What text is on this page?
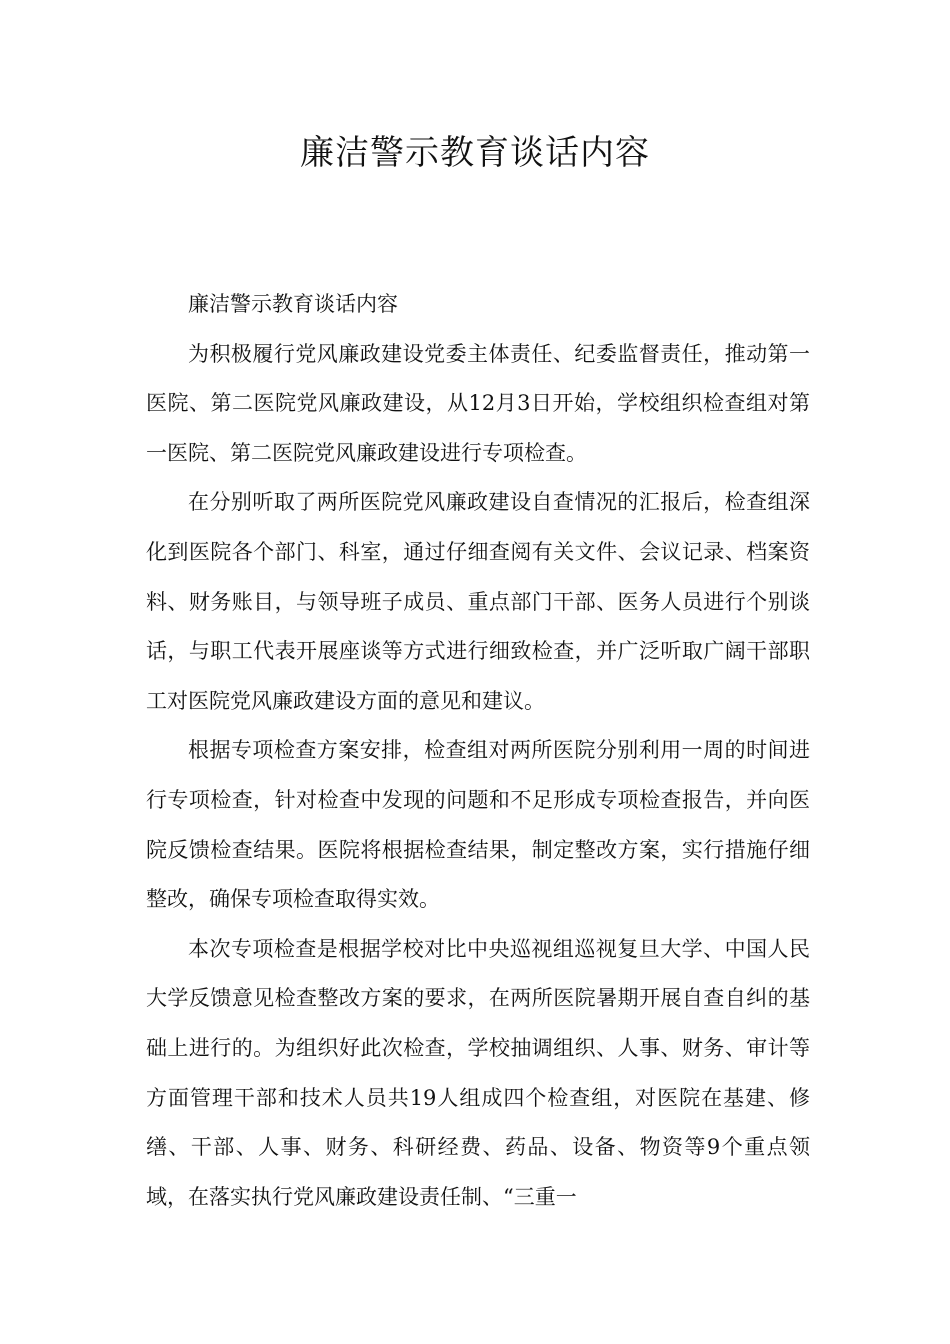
廉洁警示教育谈话内容

廉洁警示教育谈话内容

为积极履行党风廉政建设党委主体责任、纪委监督责任，推动第一医院、第二医院党风廉政建设，从12月3日开始，学校组织检查组对第一医院、第二医院党风廉政建设进行专项检查。

在分别听取了两所医院党风廉政建设自查情况的汇报后，检查组深化到医院各个部门、科室，通过仔细查阅有关文件、会议记录、档案资料、财务账目，与领导班子成员、重点部门干部、医务人员进行个别谈话，与职工代表开展座谈等方式进行细致检查，并广泛听取广阔干部职工对医院党风廉政建设方面的意见和建议。

根据专项检查方案安排，检查组对两所医院分别利用一周的时间进行专项检查，针对检查中发现的问题和不足形成专项检查报告，并向医院反馈检查结果。医院将根据检查结果，制定整改方案，实行措施仔细整改，确保专项检查取得实效。

本次专项检查是根据学校对比中央巡视组巡视复旦大学、中国人民大学反馈意见检查整改方案的要求，在两所医院暑期开展自查自纠的基础上进行的。为组织好此次检查，学校抽调组织、人事、财务、审计等方面管理干部和技术人员共19人组成四个检查组，对医院在基建、修缮、干部、人事、财务、科研经费、药品、设备、物资等9个重点领域，在落实执行党风廉政建设责任制、“三重一
